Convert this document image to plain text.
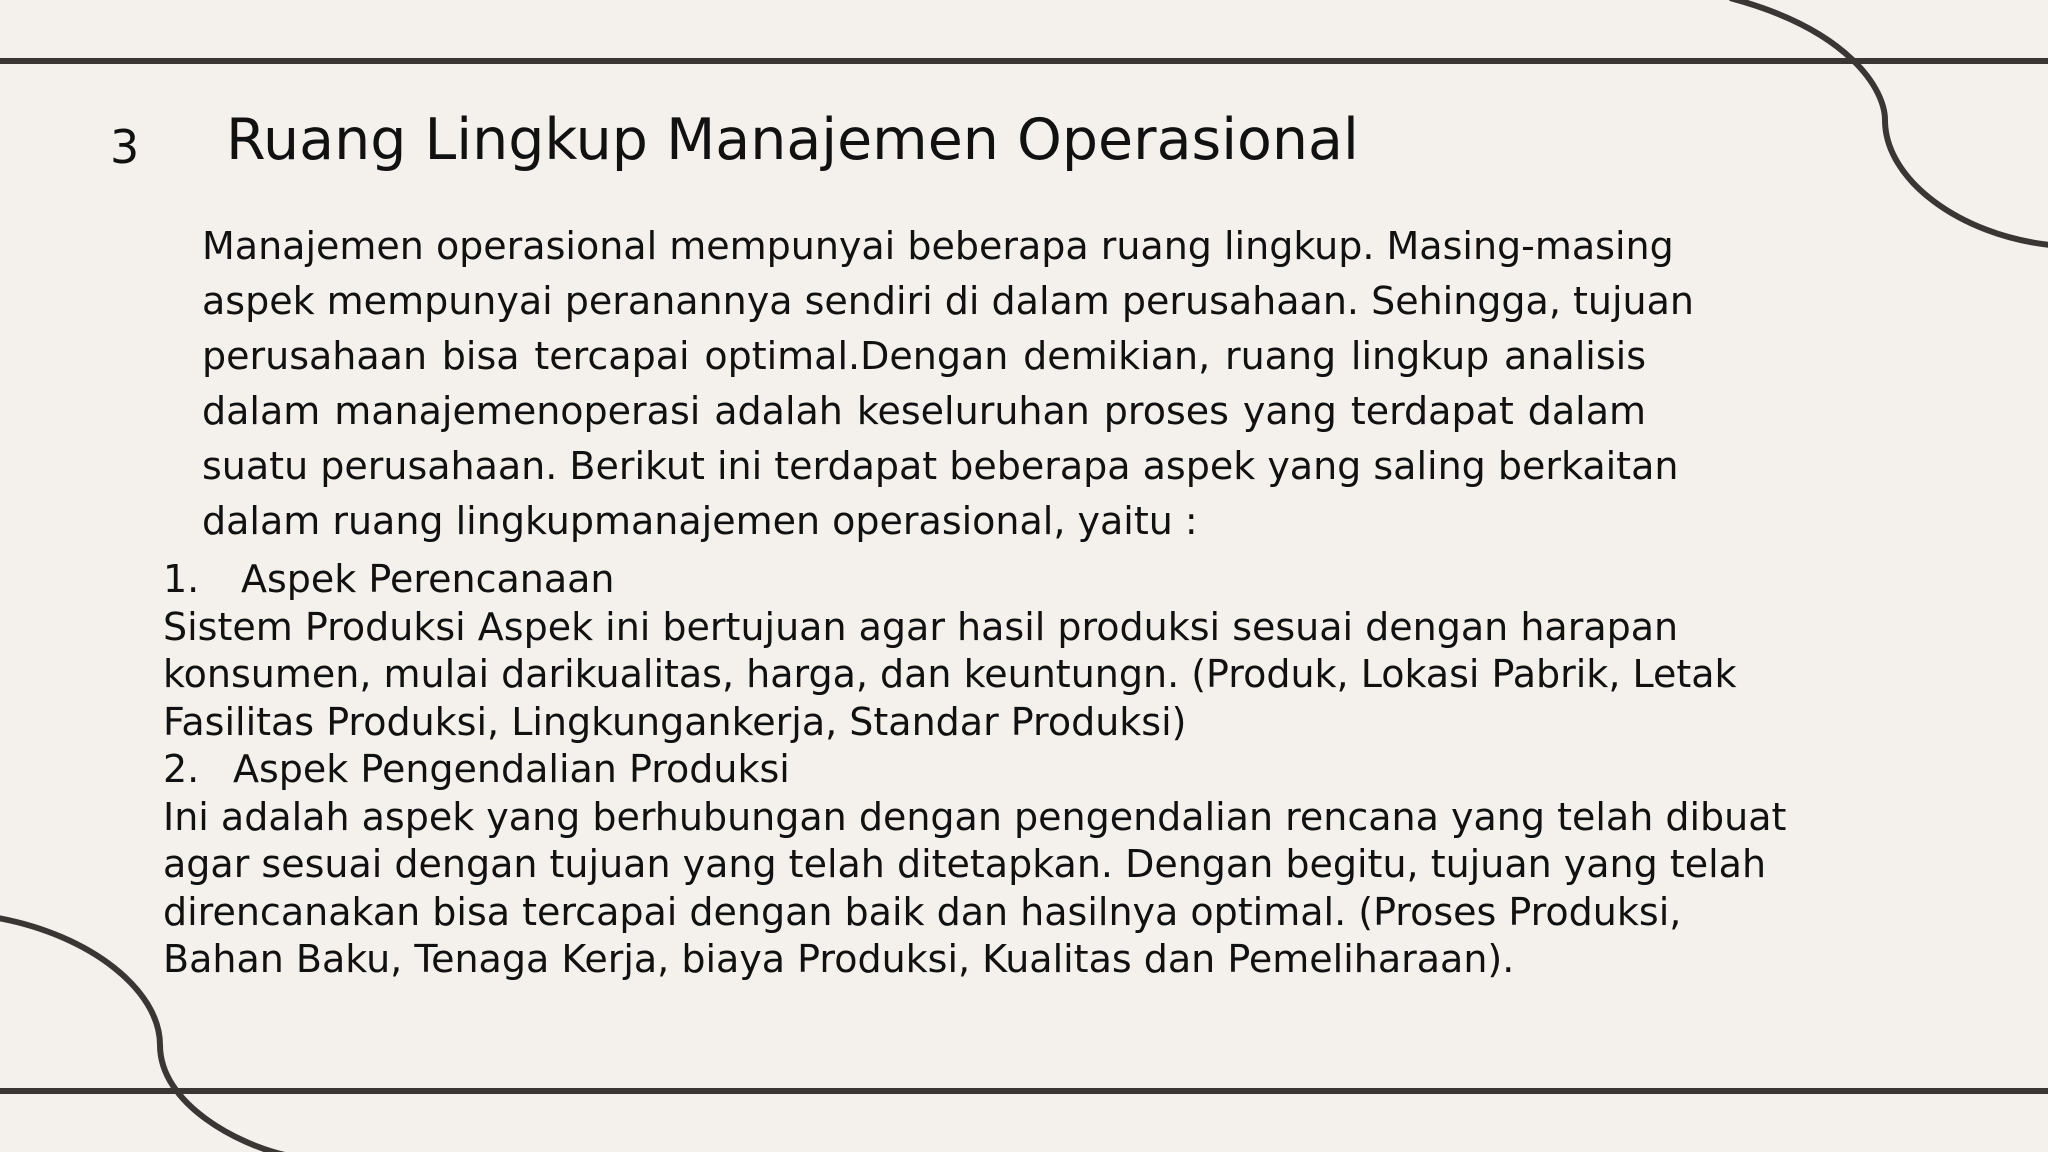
3 Ruang Lingkup Manajemen Operasional

Manajemen operasional mempunyai beberapa ruang lingkup. Masing-masing
aspek mempunyai peranannya sendiri di dalam perusahaan. Sehingga, tujuan
perusahaan bisa tercapai optimal.Dengan demikian, ruang lingkup analisis
dalam manajemenoperasi adalah keseluruhan proses yang terdapat dalam
suatu perusahaan. Berikut ini terdapat beberapa aspek yang saling berkaitan
dalam ruang lingkupmanajemen operasional, yaitu :

1. Aspek Perencanaan
Sistem Produksi Aspek ini bertujuan agar hasil produksi sesuai dengan harapan
konsumen, mulai darikualitas, harga, dan keuntungn. (Produk, Lokasi Pabrik, Letak
Fasilitas Produksi, Lingkungankerja, Standar Produksi)
2. Aspek Pengendalian Produksi
Ini adalah aspek yang berhubungan dengan pengendalian rencana yang telah dibuat
agar sesuai dengan tujuan yang telah ditetapkan. Dengan begitu, tujuan yang telah
direncanakan bisa tercapai dengan baik dan hasilnya optimal. (Proses Produksi,
Bahan Baku, Tenaga Kerja, biaya Produksi, Kualitas dan Pemeliharaan).
